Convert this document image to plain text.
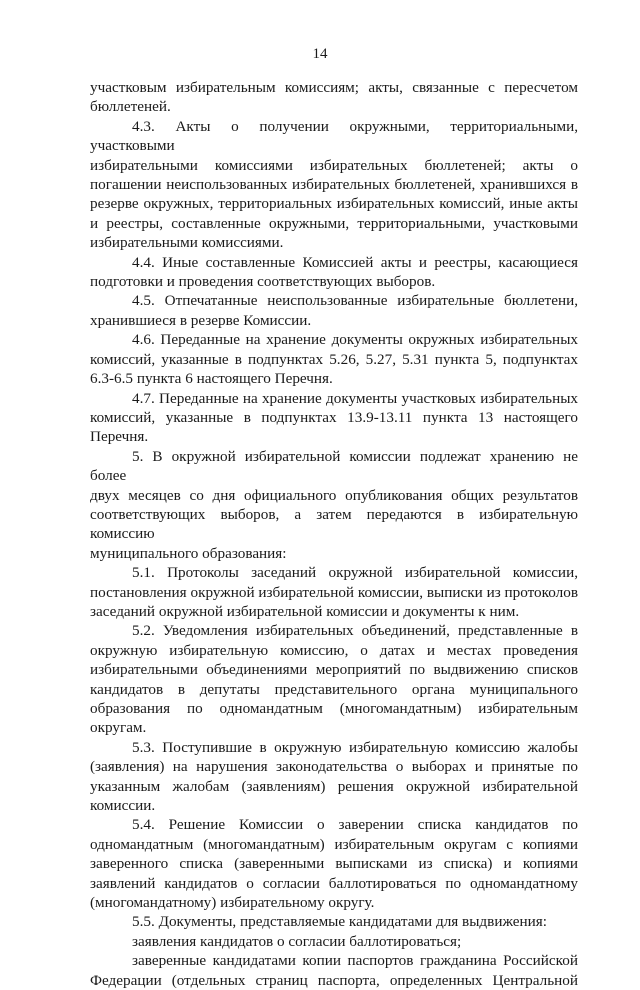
14

участковым избирательным комиссиям; акты, связанные с пересчетом
бюллетеней.

4.3. Акты о получении окружными, территориальными, участковыми
избирательными комиссиями избирательных бюллетеней; акты о
погашении неиспользованных избирательных бюллетеней, хранившихся в
резерве окружных, территориальных избирательных комиссий, иные акты
и реестры, составленные окружными, территориальными, участковыми
избирательными комиссиями.

4.4. Иные составленные Комиссией акты и реестры, касающиеся
подготовки и проведения соответствующих выборов.

4.5. Отпечатанные неиспользованные избирательные бюллетени,
хранившиеся в резерве Комиссии.

4.6. Переданные на хранение документы окружных избирательных
комиссий, указанные в подпунктах 5.26, 5.27, 5.31 пункта 5, подпунктах
6.3-6.5 пункта 6 настоящего Перечня.

4.7. Переданные на хранение документы участковых избирательных
комиссий, указанные в подпунктах 13.9-13.11 пункта 13 настоящего
Перечня.

5. В окружной избирательной комиссии подлежат хранению не более
двух месяцев со дня официального опубликования общих результатов
соответствующих выборов, а затем передаются в избирательную комиссию
муниципального образования:

5.1. Протоколы заседаний окружной избирательной комиссии,
постановления окружной избирательной комиссии, выписки из протоколов
заседаний окружной избирательной комиссии и документы к ним.

5.2. Уведомления избирательных объединений, представленные в
окружную избирательную комиссию, о датах и местах проведения
избирательными объединениями мероприятий по выдвижению списков
кандидатов в депутаты представительного органа муниципального
образования по одномандатным (многомандатным) избирательным
округам.

5.3. Поступившие в окружную избирательную комиссию жалобы
(заявления) на нарушения законодательства о выборах и принятые по
указанным жалобам (заявлениям) решения окружной избирательной
комиссии.

5.4. Решение Комиссии о заверении списка кандидатов по
одномандатным (многомандатным) избирательным округам с копиями
заверенного списка (заверенными выписками из списка) и копиями
заявлений кандидатов о согласии баллотироваться по одномандатному
(многомандатному) избирательному округу.

5.5. Документы, представляемые кандидатами для выдвижения:

заявления кандидатов о согласии баллотироваться;

заверенные кандидатами копии паспортов гражданина Российской
Федерации (отдельных страниц паспорта, определенных Центральной
